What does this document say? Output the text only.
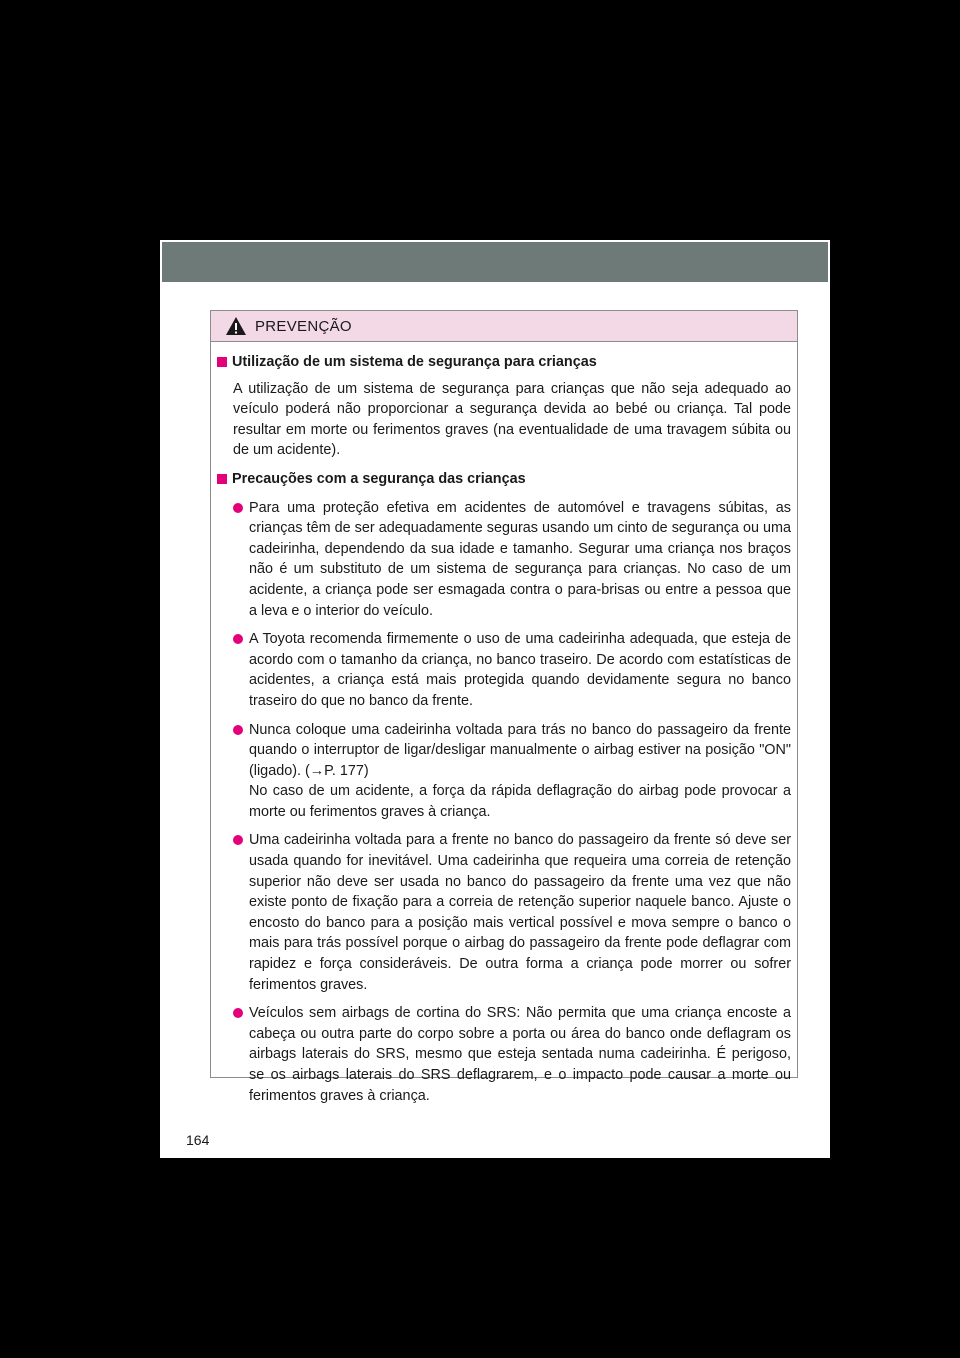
PREVENÇÃO
Utilização de um sistema de segurança para crianças

A utilização de um sistema de segurança para crianças que não seja adequado ao veículo poderá não proporcionar a segurança devida ao bebé ou criança. Tal pode resultar em morte ou ferimentos graves (na eventualidade de uma travagem súbita ou de um acidente).

Precauções com a segurança das crianças
Para uma proteção efetiva em acidentes de automóvel e travagens súbitas, as crianças têm de ser adequadamente seguras usando um cinto de segurança ou uma cadeirinha, dependendo da sua idade e tamanho. Segurar uma criança nos braços não é um substituto de um sistema de segurança para crianças. No caso de um acidente, a criança pode ser esmagada contra o para-brisas ou entre a pessoa que a leva e o interior do veículo.
A Toyota recomenda firmemente o uso de uma cadeirinha adequada, que esteja de acordo com o tamanho da criança, no banco traseiro. De acordo com estatísticas de acidentes, a criança está mais protegida quando devidamente segura no banco traseiro do que no banco da frente.
Nunca coloque uma cadeirinha voltada para trás no banco do passageiro da frente quando o interruptor de ligar/desligar manualmente o airbag estiver na posição "ON" (ligado). (→P. 177)
No caso de um acidente, a força da rápida deflagração do airbag pode provocar a morte ou ferimentos graves à criança.
Uma cadeirinha voltada para a frente no banco do passageiro da frente só deve ser usada quando for inevitável. Uma cadeirinha que requeira uma correia de retenção superior não deve ser usada no banco do passageiro da frente uma vez que não existe ponto de fixação para a correia de retenção superior naquele banco. Ajuste o encosto do banco para a posição mais vertical possível e mova sempre o banco o mais para trás possível porque o airbag do passageiro da frente pode deflagrar com rapidez e força consideráveis. De outra forma a criança pode morrer ou sofrer ferimentos graves.
Veículos sem airbags de cortina do SRS: Não permita que uma criança encoste a cabeça ou outra parte do corpo sobre a porta ou área do banco onde deflagram os airbags laterais do SRS, mesmo que esteja sentada numa cadeirinha. É perigoso, se os airbags laterais do SRS deflagrarem, e o impacto pode causar a morte ou ferimentos graves à criança.
164
